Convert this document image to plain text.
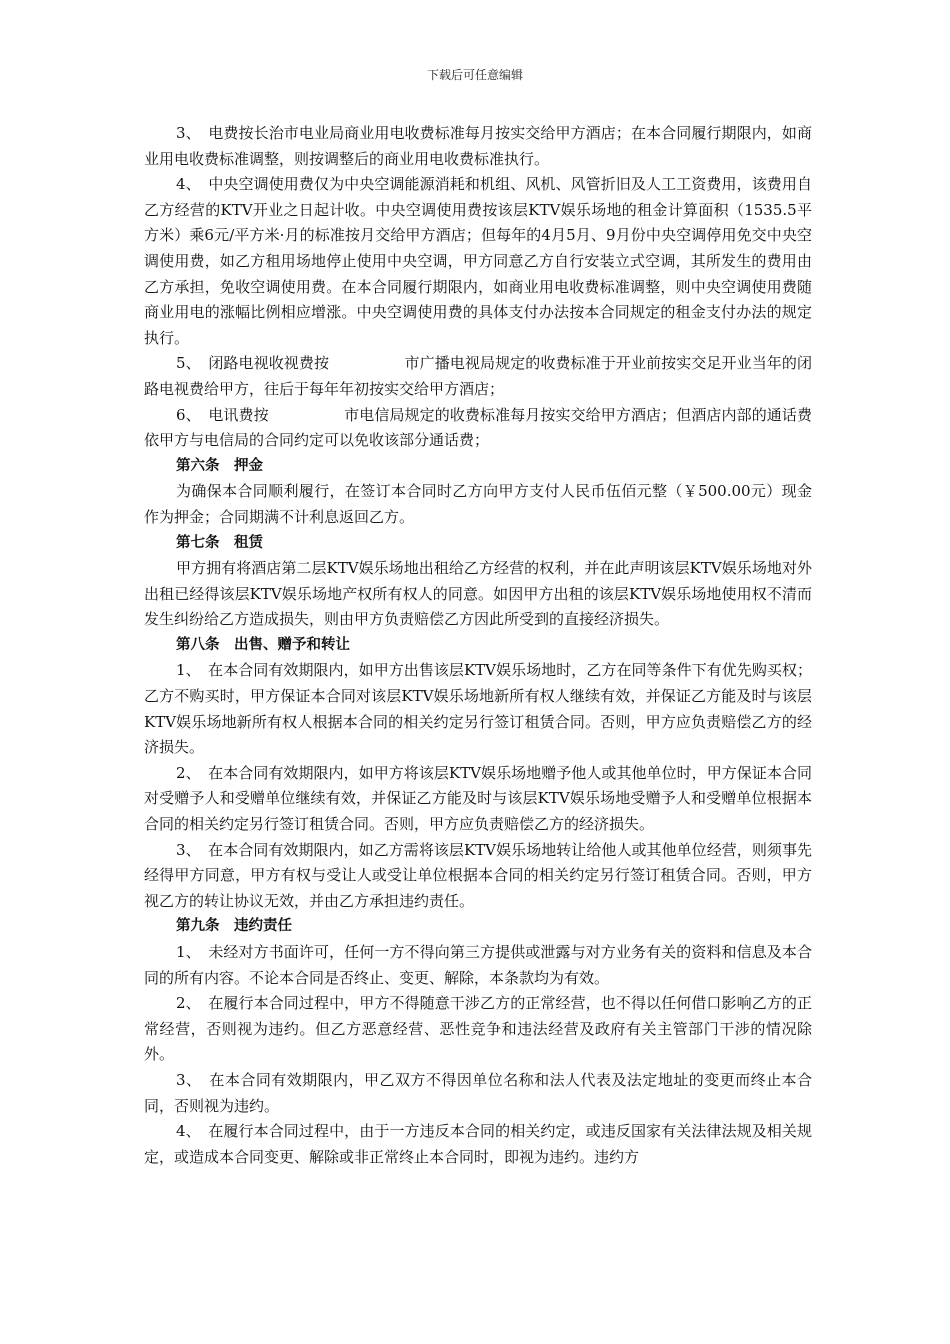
下载后可任意编辑

3、　电费按长治市电业局商业用电收费标准每月按实交给甲方酒店；在本合同履行期限内，如商业用电收费标准调整，则按调整后的商业用电收费标准执行。

4、　中央空调使用费仅为中央空调能源消耗和机组、风机、风管折旧及人工工资费用，该费用自乙方经营的KTV开业之日起计收。中央空调使用费按该层KTV娱乐场地的租金计算面积（1535.5平方米）乘6元/平方米·月的标准按月交给甲方酒店；但每年的4月5月、9月份中央空调停用免交中央空调使用费，如乙方租用场地停止使用中央空调，甲方同意乙方自行安装立式空调，其所发生的费用由乙方承担，免收空调使用费。在本合同履行期限内，如商业用电收费标准调整，则中央空调使用费随商业用电的涨幅比例相应增涨。中央空调使用费的具体支付办法按本合同规定的租金支付办法的规定执行。

5、　闭路电视收视费按　　　　　市广播电视局规定的收费标准于开业前按实交足开业当年的闭路电视费给甲方，往后于每年年初按实交给甲方酒店；

6、　电讯费按　　　　　市电信局规定的收费标准每月按实交给甲方酒店；但酒店内部的通话费依甲方与电信局的合同约定可以免收该部分通话费；

第六条　押金

为确保本合同顺利履行，在签订本合同时乙方向甲方支付人民币伍佰元整（￥500.00元）现金作为押金；合同期满不计利息返回乙方。

第七条　租赁

甲方拥有将酒店第二层KTV娱乐场地出租给乙方经营的权利，并在此声明该层KTV娱乐场地对外出租已经得该层KTV娱乐场地产权所有权人的同意。如因甲方出租的该层KTV娱乐场地使用权不清而发生纠纷给乙方造成损失，则由甲方负责赔偿乙方因此所受到的直接经济损失。

第八条　出售、赠予和转让

1、　在本合同有效期限内，如甲方出售该层KTV娱乐场地时，乙方在同等条件下有优先购买权；乙方不购买时，甲方保证本合同对该层KTV娱乐场地新所有权人继续有效，并保证乙方能及时与该层KTV娱乐场地新所有权人根据本合同的相关约定另行签订租赁合同。否则，甲方应负责赔偿乙方的经济损失。

2、　在本合同有效期限内，如甲方将该层KTV娱乐场地赠予他人或其他单位时，甲方保证本合同对受赠予人和受赠单位继续有效，并保证乙方能及时与该层KTV娱乐场地受赠予人和受赠单位根据本合同的相关约定另行签订租赁合同。否则，甲方应负责赔偿乙方的经济损失。

3、　在本合同有效期限内，如乙方需将该层KTV娱乐场地转让给他人或其他单位经营，则须事先经得甲方同意，甲方有权与受让人或受让单位根据本合同的相关约定另行签订租赁合同。否则，甲方视乙方的转让协议无效，并由乙方承担违约责任。

第九条　违约责任

1、　未经对方书面许可，任何一方不得向第三方提供或泄露与对方业务有关的资料和信息及本合同的所有内容。不论本合同是否终止、变更、解除，本条款均为有效。

2、　在履行本合同过程中，甲方不得随意干涉乙方的正常经营，也不得以任何借口影响乙方的正常经营，否则视为违约。但乙方恶意经营、恶性竞争和违法经营及政府有关主管部门干涉的情况除外。

3、　在本合同有效期限内，甲乙双方不得因单位名称和法人代表及法定地址的变更而终止本合同，否则视为违约。

4、　在履行本合同过程中，由于一方违反本合同的相关约定，或违反国家有关法律法规及相关规定，或造成本合同变更、解除或非正常终止本合同时，即视为违约。违约方
